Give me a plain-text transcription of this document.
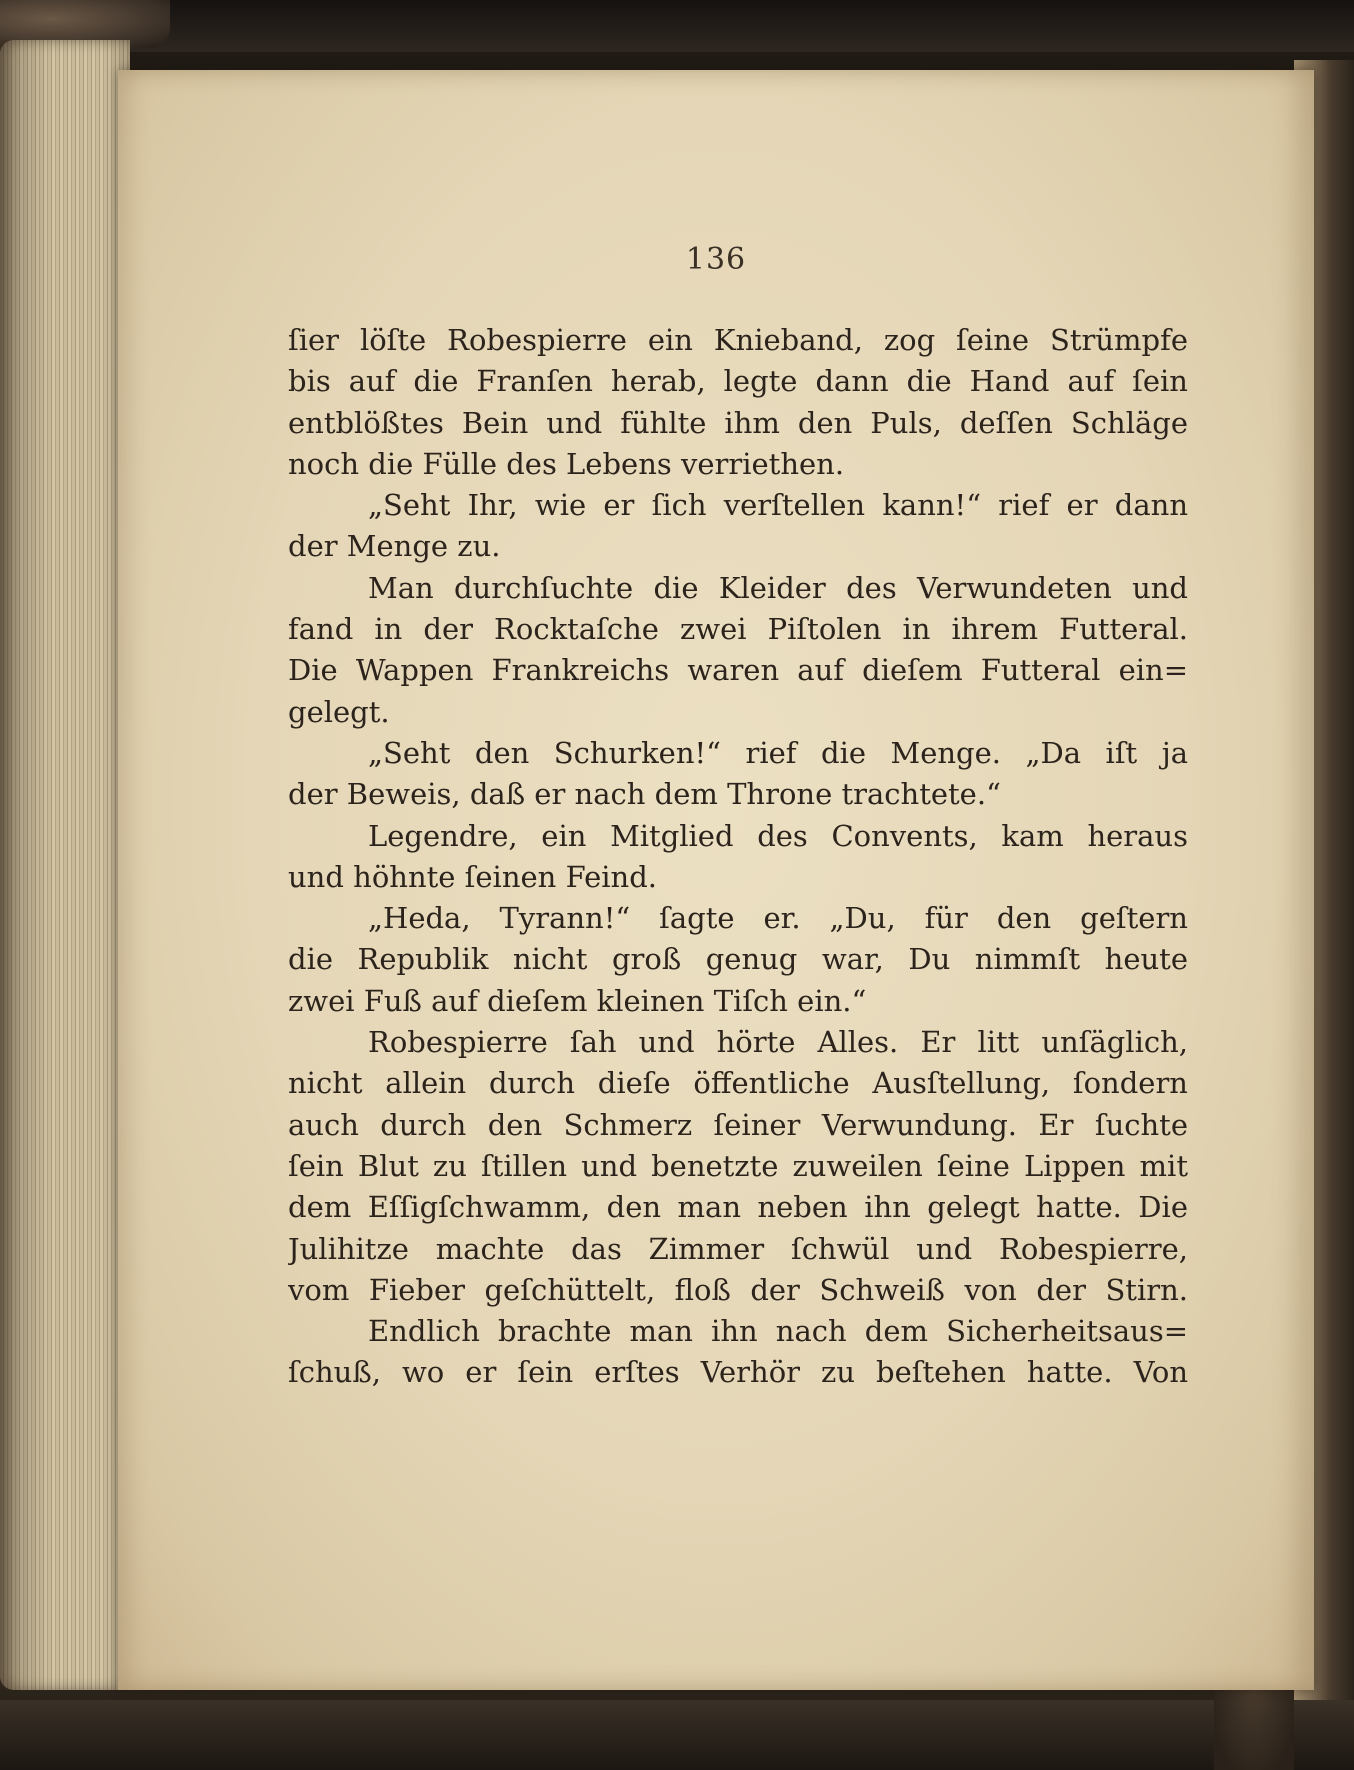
136
ſier löſte Robespierre ein Knieband, zog ſeine Strümpfe
bis auf die Franſen herab, legte dann die Hand auf ſein
entblößtes Bein und fühlte ihm den Puls, deſſen Schläge
noch die Fülle des Lebens verriethen.
„Seht Ihr, wie er ſich verſtellen kann!“ rief er dann
der Menge zu.
Man durchſuchte die Kleider des Verwundeten und
fand in der Rocktaſche zwei Piſtolen in ihrem Futteral.
Die Wappen Frankreichs waren auf dieſem Futteral ein=
gelegt.
„Seht den Schurken!“ rief die Menge. „Da iſt ja
der Beweis, daß er nach dem Throne trachtete.“
Legendre, ein Mitglied des Convents, kam heraus
und höhnte ſeinen Feind.
„Heda, Tyrann!“ ſagte er. „Du, für den geſtern
die Republik nicht groß genug war, Du nimmſt heute
zwei Fuß auf dieſem kleinen Tiſch ein.“
Robespierre ſah und hörte Alles. Er litt unſäglich,
nicht allein durch dieſe öffentliche Ausſtellung, ſondern
auch durch den Schmerz ſeiner Verwundung. Er ſuchte
ſein Blut zu ſtillen und benetzte zuweilen ſeine Lippen mit
dem Eſſigſchwamm, den man neben ihn gelegt hatte. Die
Julihitze machte das Zimmer ſchwül und Robespierre,
vom Fieber geſchüttelt, floß der Schweiß von der Stirn.
Endlich brachte man ihn nach dem Sicherheitsaus=
ſchuß, wo er ſein erſtes Verhör zu beſtehen hatte. Von
